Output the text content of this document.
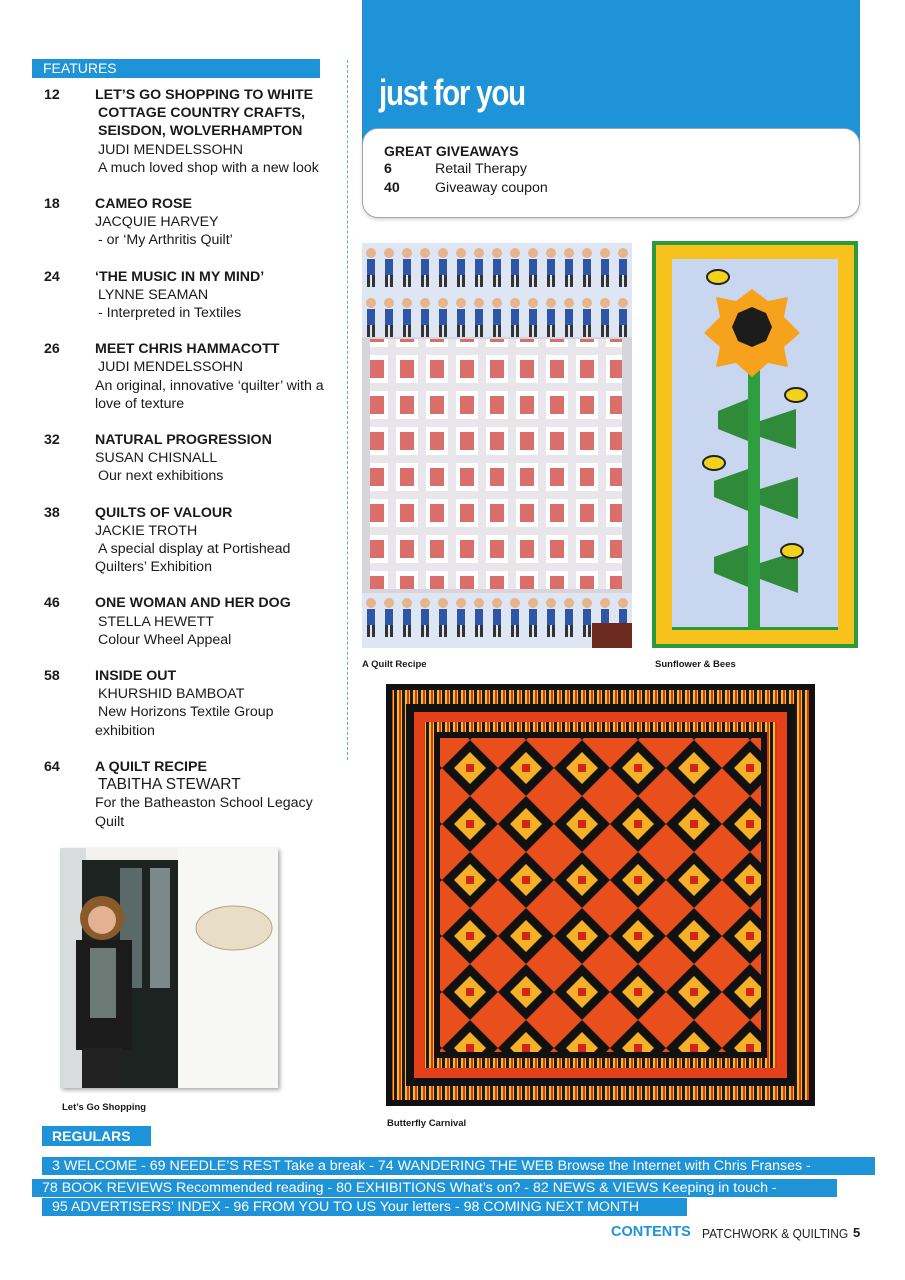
FEATURES
12	LET’S GO SHOPPING TO WHITE
COTTAGE COUNTRY CRAFTS,
SEISDON, WOLVERHAMPTON
JUDI MENDELSSOHN
A much loved shop with a new look
18	CAMEO ROSE
JACQUIE HARVEY
- or ‘My Arthritis Quilt’
24	‘THE MUSIC IN MY MIND’
LYNNE SEAMAN
- Interpreted in Textiles
26	MEET CHRIS HAMMACOTT
JUDI MENDELSSOHN
An original, innovative ‘quilter’ with a
love of texture
32	NATURAL PROGRESSION
SUSAN CHISNALL
Our next exhibitions
38	QUILTS OF VALOUR
JACKIE TROTH
A special display at Portishead
Quilters’ Exhibition
46	ONE WOMAN AND HER DOG
STELLA HEWETT
Colour Wheel Appeal
58	INSIDE OUT
KHURSHID BAMBOAT
New Horizons Textile Group
exhibition
64	A QUILT RECIPE
TABITHA STEWART
For the Batheaston School Legacy
Quilt
just for you
GREAT GIVEAWAYS
6	Retail Therapy
40	Giveaway coupon
A Quilt Recipe	Sunflower & Bees
Butterfly Carnival
Let’s Go Shopping
REGULARS
3 WELCOME - 69 NEEDLE’S REST Take a break - 74 WANDERING THE WEB Browse the Internet with Chris Franses -
78 BOOK REVIEWS Recommended reading - 80 EXHIBITIONS What’s on? - 82 NEWS & VIEWS Keeping in touch -
95 ADVERTISERS’ INDEX - 96 FROM YOU TO US Your letters - 98 COMING NEXT MONTH
CONTENTS PATCHWORK & QUILTING 5
